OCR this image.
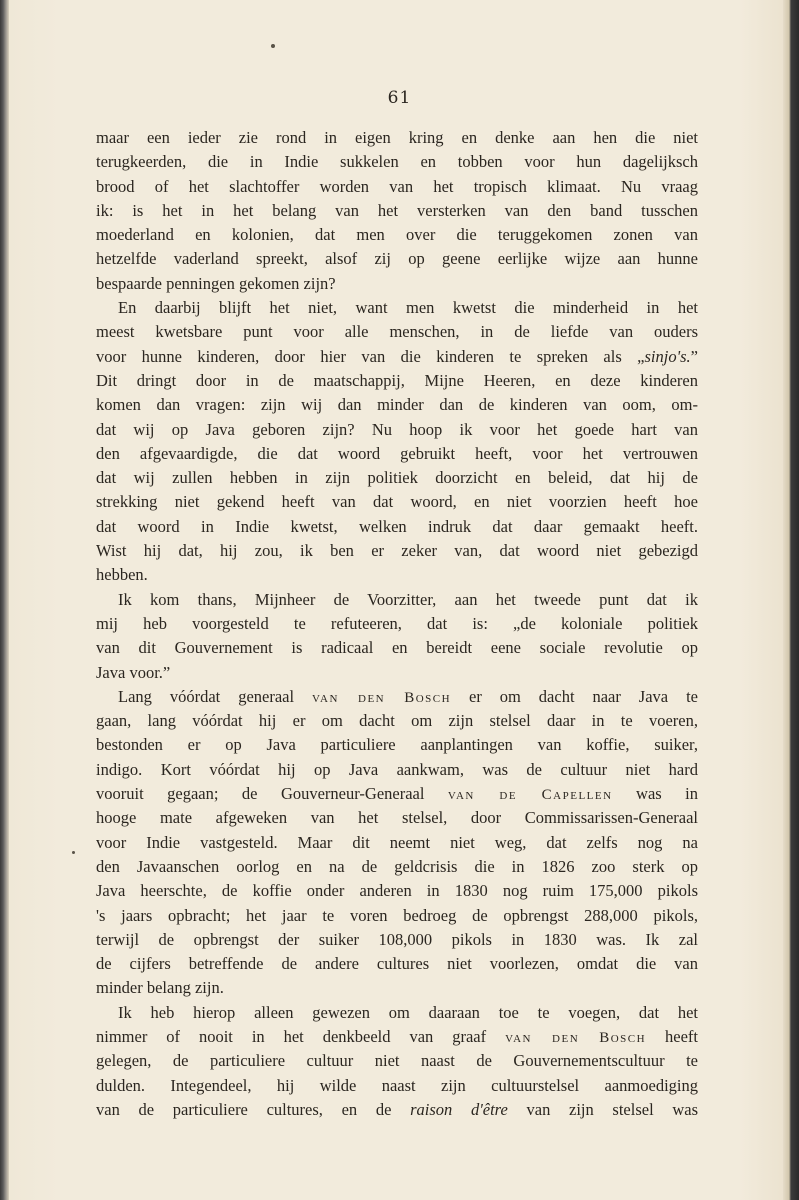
61
maar een ieder zie rond in eigen kring en denke aan hen die niet
terugkeerden, die in Indie sukkelen en tobben voor hun dagelijksch
brood of het slachtoffer worden van het tropisch klimaat. Nu vraag
ik: is het in het belang van het versterken van den band tusschen
moederland en kolonien, dat men over die teruggekomen zonen van
hetzelfde vaderland spreekt, alsof zij op geene eerlijke wijze aan hunne
bespaarde penningen gekomen zijn?
En daarbij blijft het niet, want men kwetst die minderheid in het
meest kwetsbare punt voor alle menschen, in de liefde van ouders
voor hunne kinderen, door hier van die kinderen te spreken als „sinjo's.”
Dit dringt door in de maatschappij, Mijne Heeren, en deze kinderen
komen dan vragen: zijn wij dan minder dan de kinderen van oom, om-
dat wij op Java geboren zijn? Nu hoop ik voor het goede hart van
den afgevaardigde, die dat woord gebruikt heeft, voor het vertrouwen
dat wij zullen hebben in zijn politiek doorzicht en beleid, dat hij de
strekking niet gekend heeft van dat woord, en niet voorzien heeft hoe
dat woord in Indie kwetst, welken indruk dat daar gemaakt heeft.
Wist hij dat, hij zou, ik ben er zeker van, dat woord niet gebezigd
hebben.
Ik kom thans, Mijnheer de Voorzitter, aan het tweede punt dat ik
mij heb voorgesteld te refuteeren, dat is: „de koloniale politiek
van dit Gouvernement is radicaal en bereidt eene sociale revolutie op
Java voor.”
Lang vóórdat generaal van den Bosch er om dacht naar Java te
gaan, lang vóórdat hij er om dacht om zijn stelsel daar in te voeren,
bestonden er op Java particuliere aanplantingen van koffie, suiker,
indigo. Kort vóórdat hij op Java aankwam, was de cultuur niet hard
vooruit gegaan; de Gouverneur-Generaal van de Capellen was in
hooge mate afgeweken van het stelsel, door Commissarissen-Generaal
voor Indie vastgesteld. Maar dit neemt niet weg, dat zelfs nog na
den Javaanschen oorlog en na de geldcrisis die in 1826 zoo sterk op
Java heerschte, de koffie onder anderen in 1830 nog ruim 175,000 pikols
's jaars opbracht; het jaar te voren bedroeg de opbrengst 288,000 pikols,
terwijl de opbrengst der suiker 108,000 pikols in 1830 was. Ik zal
de cijfers betreffende de andere cultures niet voorlezen, omdat die van
minder belang zijn.
Ik heb hierop alleen gewezen om daaraan toe te voegen, dat het
nimmer of nooit in het denkbeeld van graaf van den Bosch heeft
gelegen, de particuliere cultuur niet naast de Gouvernementscultuur te
dulden. Integendeel, hij wilde naast zijn cultuurstelsel aanmoediging
van de particuliere cultures, en de raison d'être van zijn stelsel was
